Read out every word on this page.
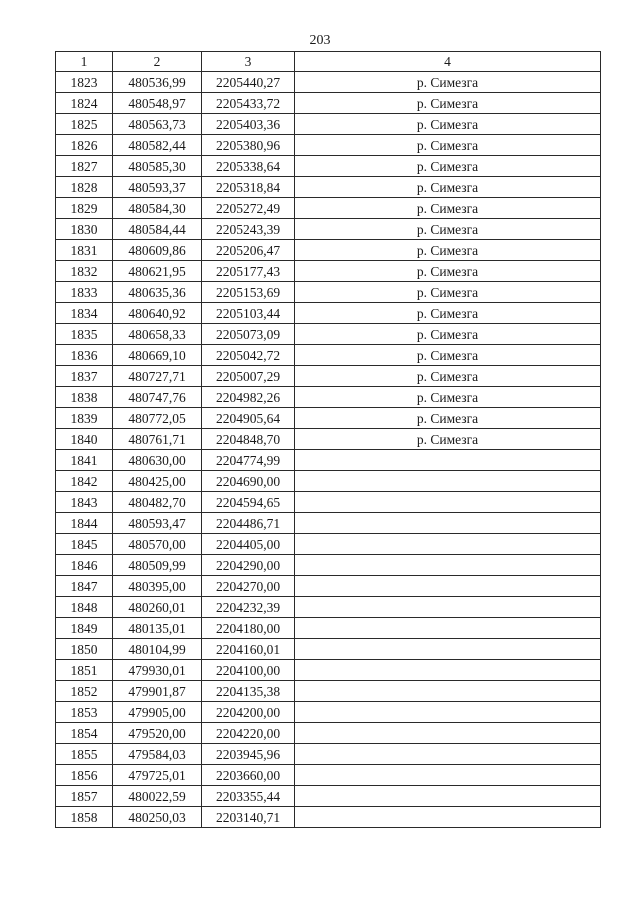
203
1	2	3	4
1823	480536,99	2205440,27	р. Симезга
1824	480548,97	2205433,72	р. Симезга
1825	480563,73	2205403,36	р. Симезга
1826	480582,44	2205380,96	р. Симезга
1827	480585,30	2205338,64	р. Симезга
1828	480593,37	2205318,84	р. Симезга
1829	480584,30	2205272,49	р. Симезга
1830	480584,44	2205243,39	р. Симезга
1831	480609,86	2205206,47	р. Симезга
1832	480621,95	2205177,43	р. Симезга
1833	480635,36	2205153,69	р. Симезга
1834	480640,92	2205103,44	р. Симезга
1835	480658,33	2205073,09	р. Симезга
1836	480669,10	2205042,72	р. Симезга
1837	480727,71	2205007,29	р. Симезга
1838	480747,76	2204982,26	р. Симезга
1839	480772,05	2204905,64	р. Симезга
1840	480761,71	2204848,70	р. Симезга
1841	480630,00	2204774,99	
1842	480425,00	2204690,00	
1843	480482,70	2204594,65	
1844	480593,47	2204486,71	
1845	480570,00	2204405,00	
1846	480509,99	2204290,00	
1847	480395,00	2204270,00	
1848	480260,01	2204232,39	
1849	480135,01	2204180,00	
1850	480104,99	2204160,01	
1851	479930,01	2204100,00	
1852	479901,87	2204135,38	
1853	479905,00	2204200,00	
1854	479520,00	2204220,00	
1855	479584,03	2203945,96	
1856	479725,01	2203660,00	
1857	480022,59	2203355,44	
1858	480250,03	2203140,71	
